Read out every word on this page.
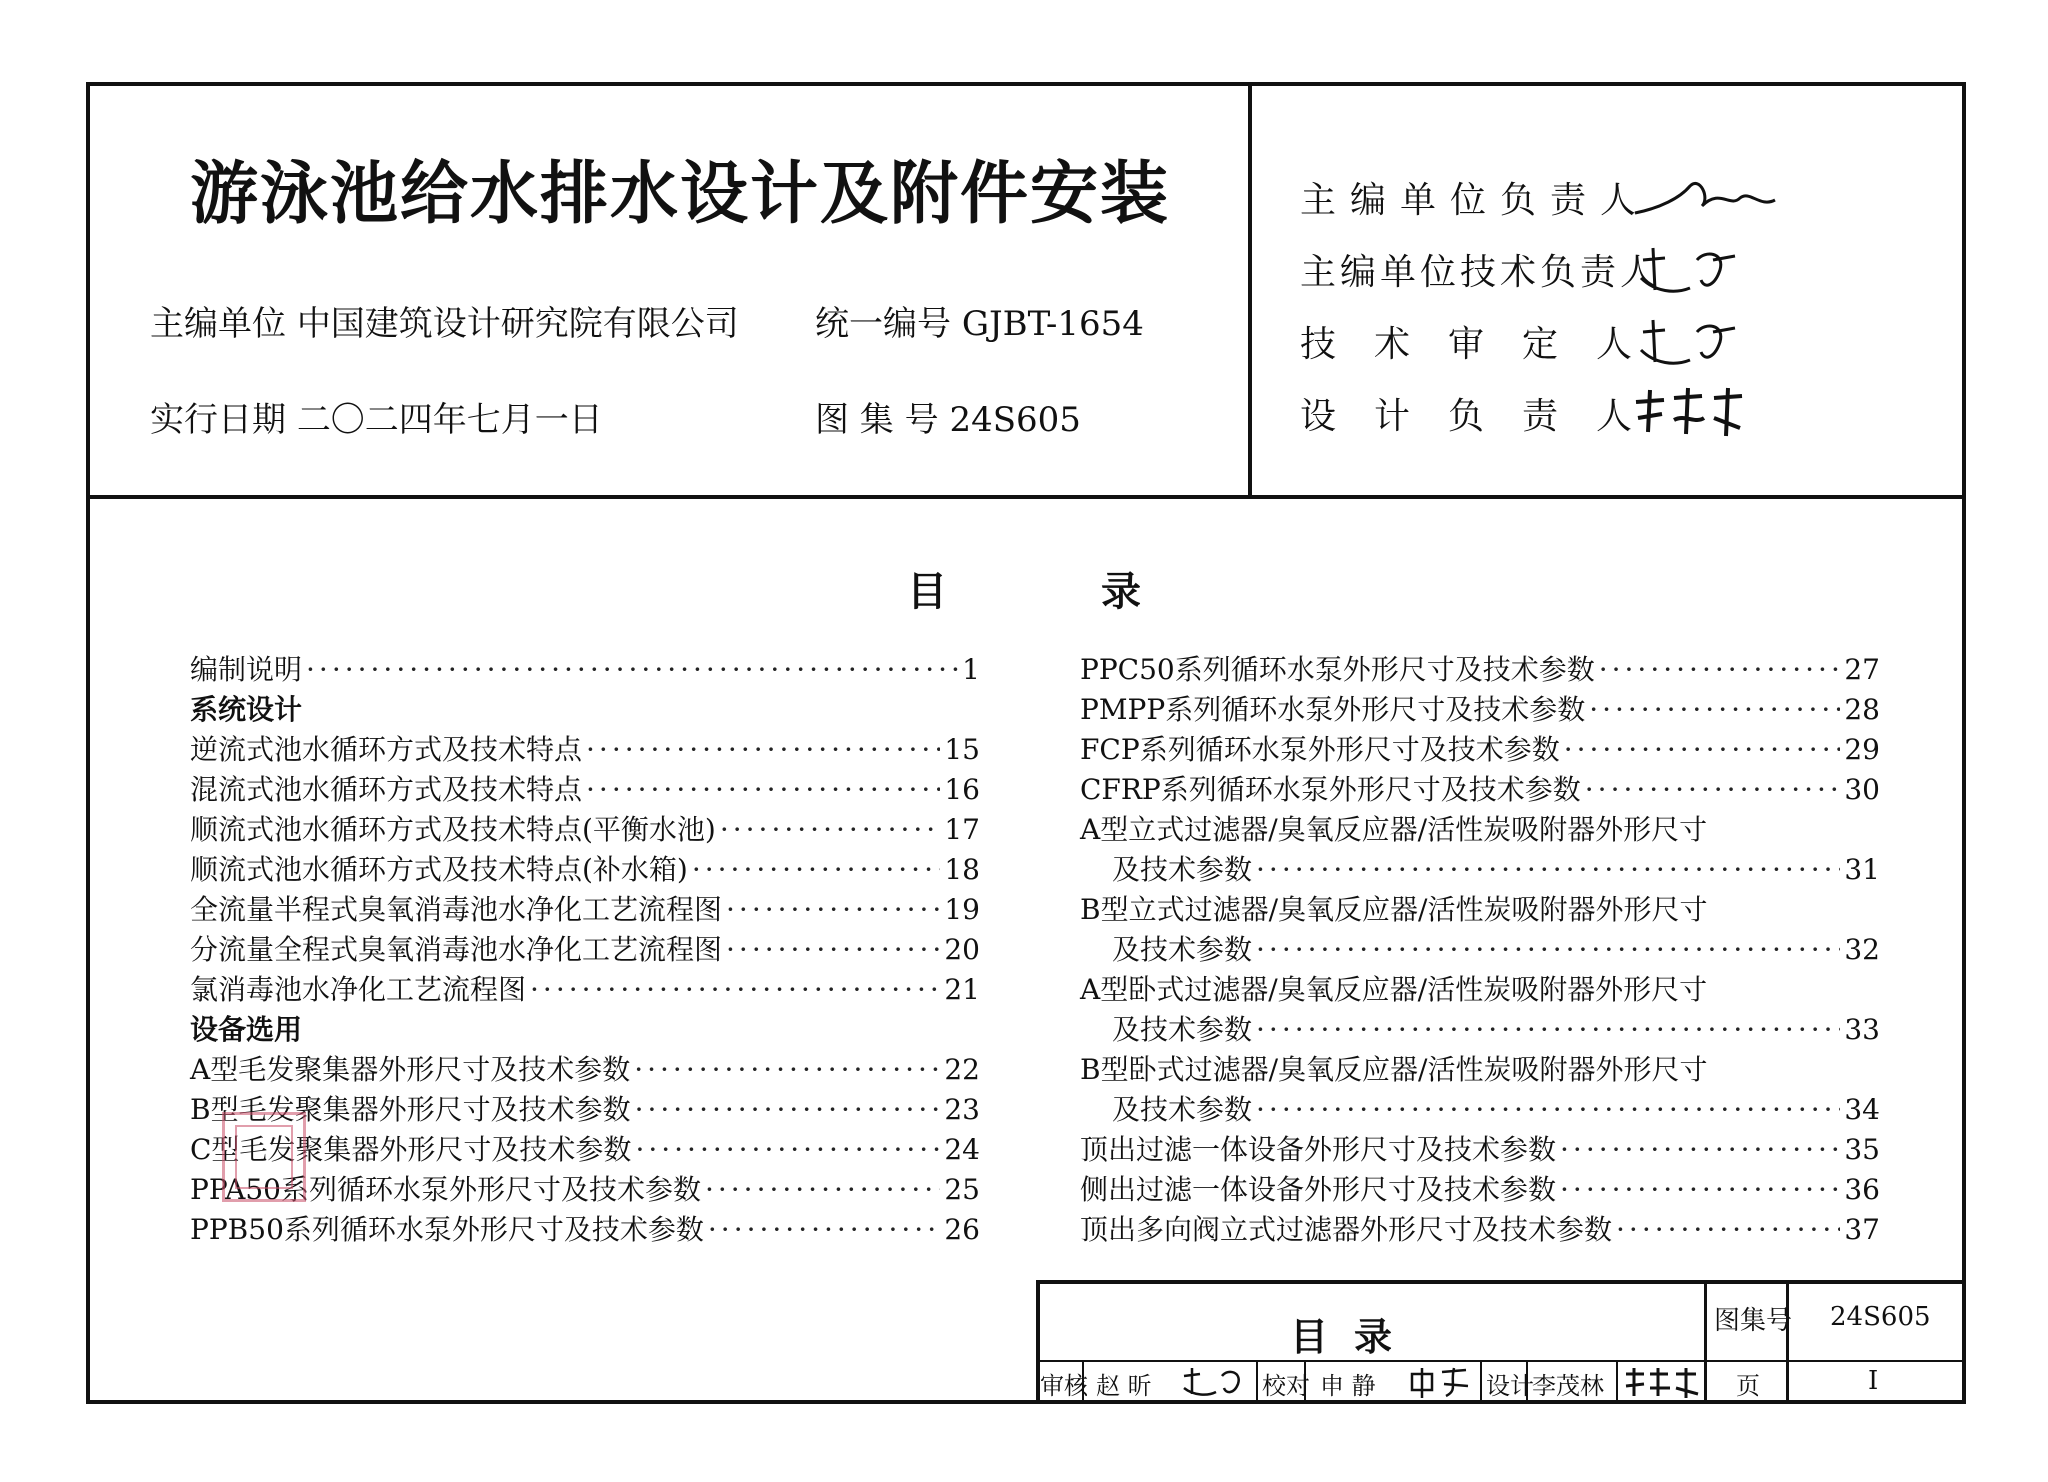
游泳池给水排水设计及附件安装
主编单位 中国建筑设计研究院有限公司 统一编号 GJBT-1654
实行日期 二〇二四年七月一日	图 集 号 24S605
主编单位负责人
主编单位技术负责人
技术审定人
设计负责人
目	录
编制说明 ·····	1
系统设计
逆流式池水循环方式及技术特点 ·····	15
混流式池水循环方式及技术特点 ·····	16
顺流式池水循环方式及技术特点(平衡水池) ·····	17
顺流式池水循环方式及技术特点(补水箱) ·····	18
全流量半程式臭氧消毒池水净化工艺流程图 ·····	19
分流量全程式臭氧消毒池水净化工艺流程图 ·····	20
氯消毒池水净化工艺流程图 ·····	21
设备选用
A型毛发聚集器外形尺寸及技术参数 ·····	22
B型毛发聚集器外形尺寸及技术参数 ·····	23
C型毛发聚集器外形尺寸及技术参数 ·····	24
PPA50系列循环水泵外形尺寸及技术参数 ·····	25
PPB50系列循环水泵外形尺寸及技术参数 ·····	26
PPC50系列循环水泵外形尺寸及技术参数 ·····	27
PMPP系列循环水泵外形尺寸及技术参数 ·····	28
FCP系列循环水泵外形尺寸及技术参数 ·····	29
CFRP系列循环水泵外形尺寸及技术参数 ·····	30
A型立式过滤器/臭氧反应器/活性炭吸附器外形尺寸
及技术参数 ·····	31
B型立式过滤器/臭氧反应器/活性炭吸附器外形尺寸
及技术参数 ·····	32
A型卧式过滤器/臭氧反应器/活性炭吸附器外形尺寸
及技术参数 ·····	33
B型卧式过滤器/臭氧反应器/活性炭吸附器外形尺寸
及技术参数 ·····	34
顶出过滤一体设备外形尺寸及技术参数 ·····	35
侧出过滤一体设备外形尺寸及技术参数 ·····	36
顶出多向阀立式过滤器外形尺寸及技术参数 ·····	37
目录	图集号 24S605
审核 赵 昕	校对 申 静	设计
李茂林	页	I
